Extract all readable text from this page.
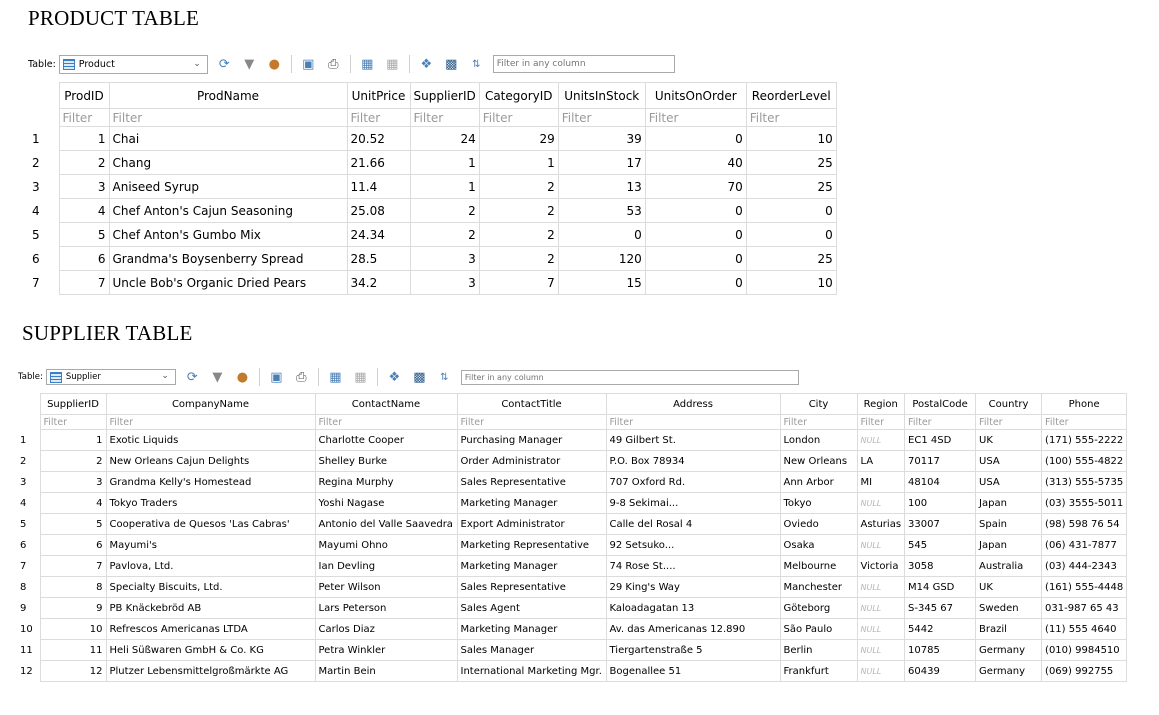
PRODUCT TABLE
Table: Product	⌄ ⟳ ▼ ● ▣ ⎙ ▦ ▦ ❖ ▩	⇅
Filter in any column
	ProdID	ProdName	UnitPrice	SupplierID	CategoryID	UnitsInStock	UnitsOnOrder	ReorderLevel
	Filter	Filter	Filter	Filter	Filter	Filter	Filter	Filter
1	1	Chai	20.52	24	29	39	0	10
2	2	Chang	21.66	1	1	17	40	25
3	3	Aniseed Syrup	11.4	1	2	13	70	25
4	4	Chef Anton's Cajun Seasoning	25.08	2	2	53	0	0
5	5	Chef Anton's Gumbo Mix	24.34	2	2	0	0	0
6	6	Grandma's Boysenberry Spread	28.5	3	2	120	0	25
7	7	Uncle Bob's Organic Dried Pears	34.2	3	7	15	0	10
SUPPLIER TABLE
Table:	Supplier	⌄ ⟳ ▼ ● ▣ ⎙ ▦ ▦ ❖ ▩	⇅
Filter in any column
	SupplierID	CompanyName	ContactName	ContactTitle	Address	City	Region	PostalCode	Country	Phone
	Filter	Filter	Filter	Filter	Filter	Filter	Filter	Filter	Filter	Filter
1	1	Exotic Liquids	Charlotte Cooper	Purchasing Manager	49 Gilbert St.	London	NULL	EC1 4SD	UK	(171) 555-2222
2	2	New Orleans Cajun Delights	Shelley Burke	Order Administrator	P.O. Box 78934	New Orleans	LA	70117	USA	(100) 555-4822
3	3	Grandma Kelly's Homestead	Regina Murphy	Sales Representative	707 Oxford Rd.	Ann Arbor	MI	48104	USA	(313) 555-5735
4	4	Tokyo Traders	Yoshi Nagase	Marketing Manager	9-8 Sekimai...	Tokyo	NULL	100	Japan	(03) 3555-5011
5	5	Cooperativa de Quesos 'Las Cabras'	Antonio del Valle Saavedra	Export Administrator	Calle del Rosal 4	Oviedo	Asturias	33007	Spain	(98) 598 76 54
6	6	Mayumi's	Mayumi Ohno	Marketing Representative	92 Setsuko...	Osaka	NULL	545	Japan	(06) 431-7877
7	7	Pavlova, Ltd.	Ian Devling	Marketing Manager	74 Rose St....	Melbourne	Victoria	3058	Australia	(03) 444-2343
8	8	Specialty Biscuits, Ltd.	Peter Wilson	Sales Representative	29 King's Way	Manchester	NULL	M14 GSD	UK	(161) 555-4448
9	9	PB Knäckebröd AB	Lars Peterson	Sales Agent	Kaloadagatan 13	Göteborg	NULL	S-345 67	Sweden	031-987 65 43
10	10	Refrescos Americanas LTDA	Carlos Diaz	Marketing Manager	Av. das Americanas 12.890	São Paulo	NULL	5442	Brazil	(11) 555 4640
11	11	Heli Süßwaren GmbH & Co. KG	Petra Winkler	Sales Manager	Tiergartenstraße 5	Berlin	NULL	10785	Germany	(010) 9984510
12	12	Plutzer Lebensmittelgroßmärkte AG	Martin Bein	International Marketing Mgr.	Bogenallee 51	Frankfurt	NULL	60439	Germany	(069) 992755
